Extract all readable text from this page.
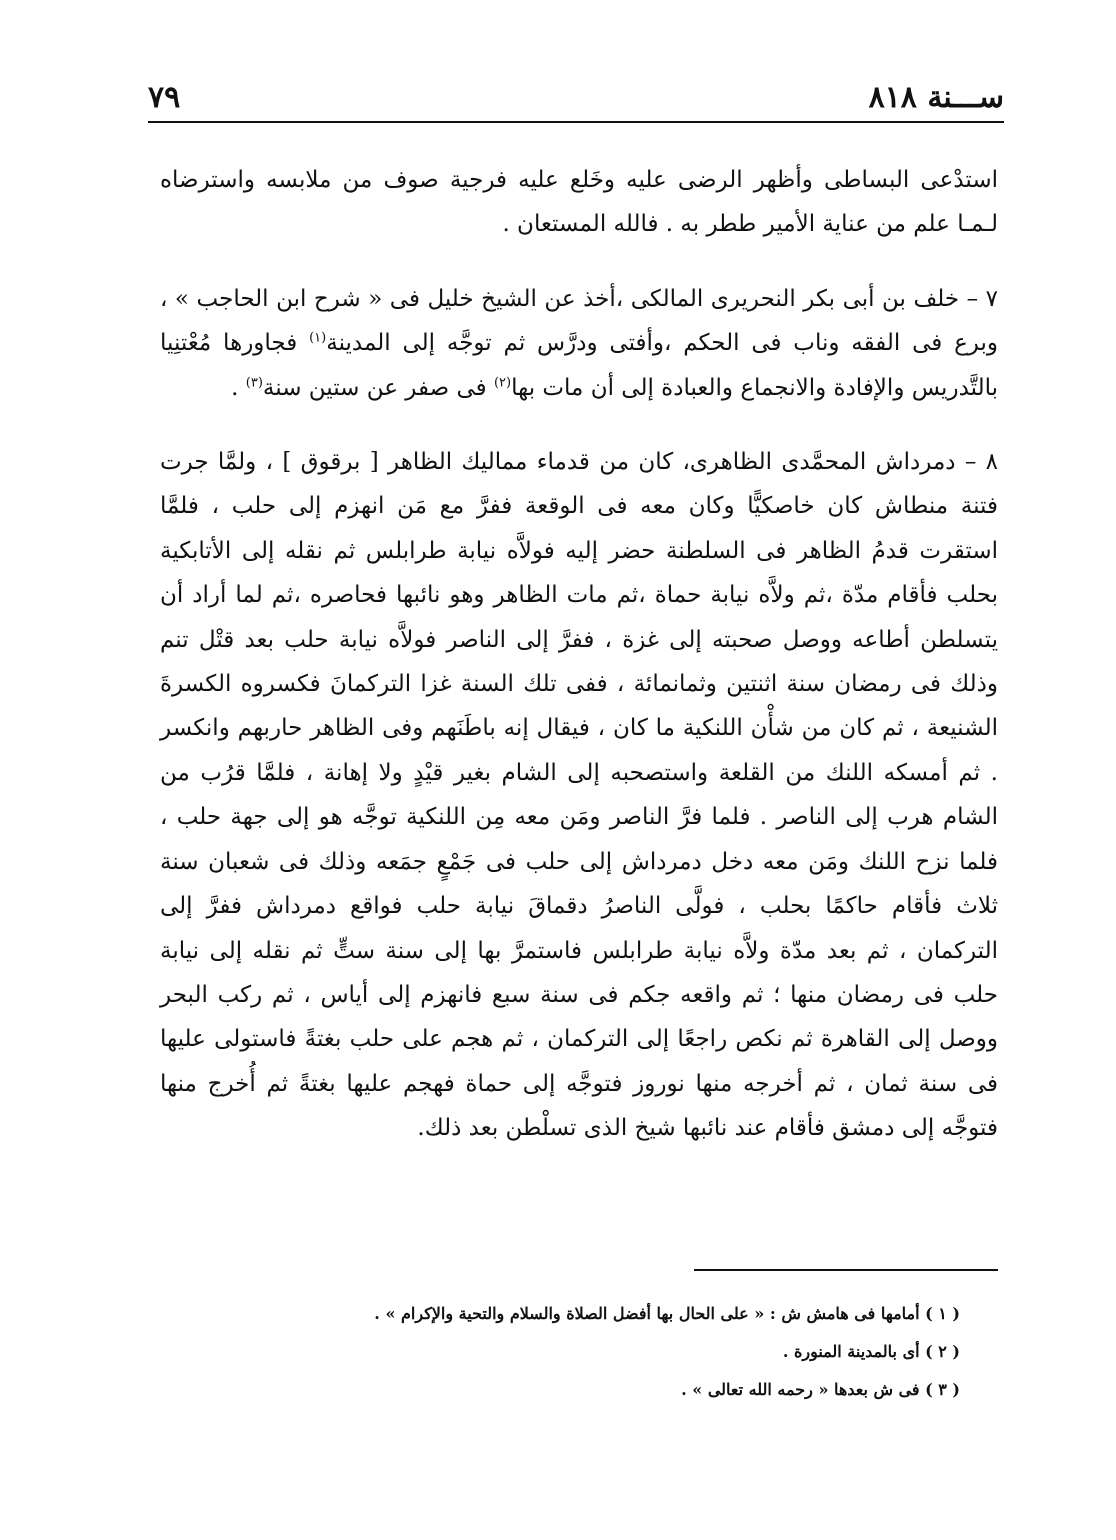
ســـنة ٨١٨
٧٩

استدْعى البساطى وأظهر الرضى عليه وخَلع عليه فرجية صوف من ملابسه واسترضاه لـمـا علم من عناية الأمير ططر به . فالله المستعان .

٧ – خلف بن أبى بكر النحريرى المالكى ،أخذ عن الشيخ خليل فى « شرح ابن الحاجب » ، وبرع فى الفقه وناب فى الحكم ،وأفتى ودرَّس ثم توجَّه إلى المدينة$^{(١)}$ فجاورها مُعْتنِيا بالتَّدريس والإفادة والانجماع والعبادة إلى أن مات بها$^{(٢)}$ فى صفر عن ستين سنة$^{(٣)}$ .

٨ – دمرداش المحمَّدى الظاهرى، كان من قدماء مماليك الظاهر [ برقوق ] ، ولمَّا جرت فتنة منطاش كان خاصكيًّا وكان معه فى الوقعة ففرَّ مع مَن انهزم إلى حلب ، فلمَّا استقرت قدمُ الظاهر فى السلطنة حضر إليه فولاَّه نيابة طرابلس ثم نقله إلى الأتابكية بحلب فأقام مدّة ،ثم ولاَّه نيابة حماة ،ثم مات الظاهر وهو نائبها فحاصره ،ثم لما أراد أن يتسلطن أطاعه ووصل صحبته إلى غزة ، ففرَّ إلى الناصر فولاَّه نيابة حلب بعد قتْل تنم وذلك فى رمضان سنة اثنتين وثمانمائة ، ففى تلك السنة غزا التركمانَ فكسروه الكسرةَ الشنيعة ، ثم كان من شأْن اللنكية ما كان ، فيقال إنه باطَنَهم وفى الظاهر حاربهم وانكسر . ثم أمسكه اللنك من القلعة واستصحبه إلى الشام بغير قيْدٍ ولا إهانة ، فلمَّا قرُب من الشام هرب إلى الناصر . فلما فرَّ الناصر ومَن معه مِن اللنكية توجَّه هو إلى جهة حلب ، فلما نزح اللنك ومَن معه دخل دمرداش إلى حلب فى جَمْعٍ جمَعه وذلك فى شعبان سنة ثلاث فأقام حاكمًا بحلب ، فولَّى الناصرُ دقماقَ نيابة حلب فواقع دمرداش ففرَّ إلى التركمان ، ثم بعد مدّة ولاَّه نيابة طرابلس فاستمرَّ بها إلى سنة ستٍّ ثم نقله إلى نيابة حلب فى رمضان منها ؛ ثم واقعه جكم فى سنة سبع فانهزم إلى أياس ، ثم ركب البحر ووصل إلى القاهرة ثم نكص راجعًا إلى التركمان ، ثم هجم على حلب بغتةً فاستولى عليها فى سنة ثمان ، ثم أخرجه منها نوروز فتوجَّه إلى حماة فهجم عليها بغتةً ثم أُخرج منها فتوجَّه إلى دمشق فأقام عند نائبها شيخ الذى تسلْطن بعد ذلك.

( ١ ) أمامها فى هامش ش : « على الحال بها أفضل الصلاة والسلام والتحية والإكرام » .

( ٢ ) أى بالمدينة المنورة .

( ٣ ) فى ش بعدها « رحمه الله تعالى » .
